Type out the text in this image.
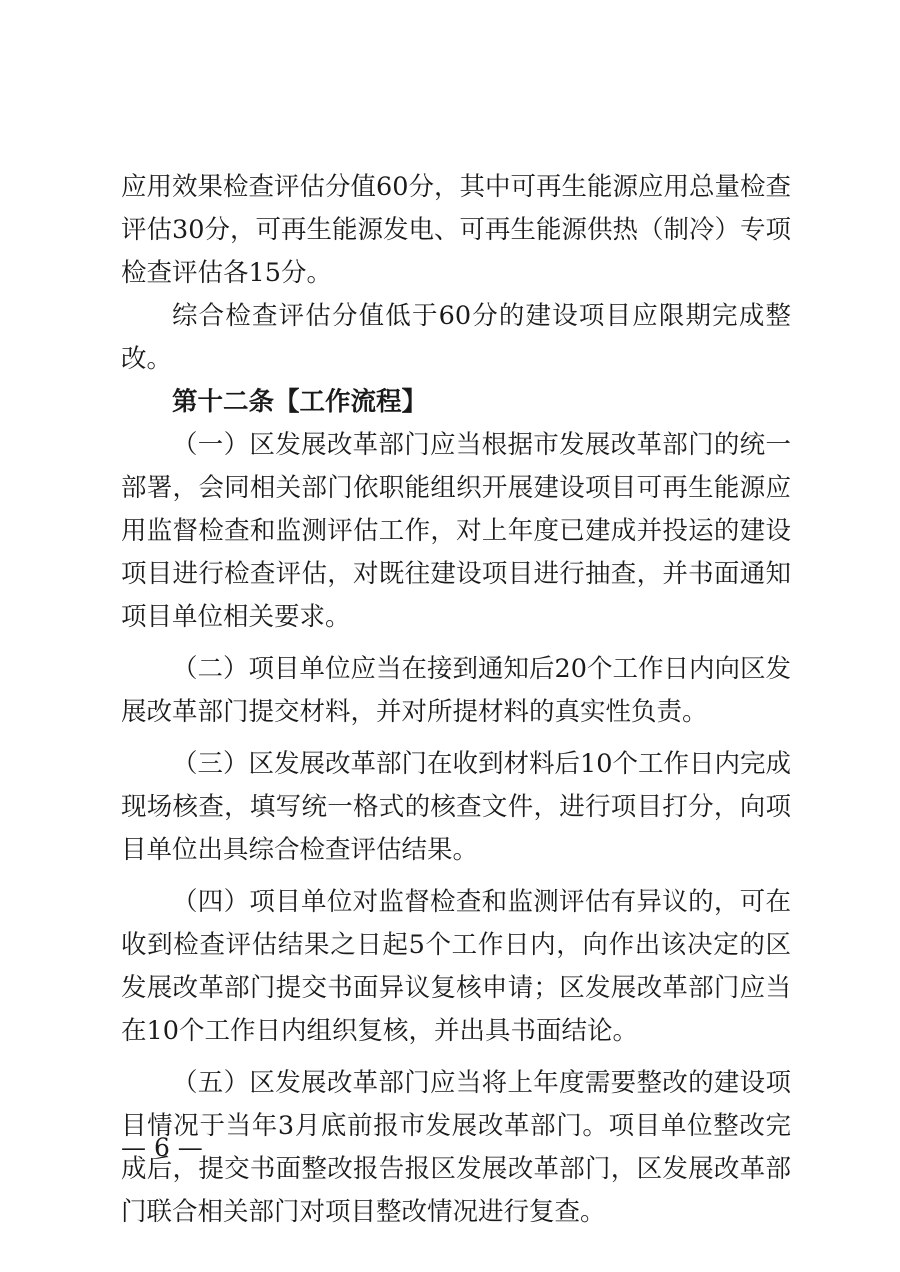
应用效果检查评估分值60分，其中可再生能源应用总量检查评估30分，可再生能源发电、可再生能源供热（制冷）专项检查评估各15分。

综合检查评估分值低于60分的建设项目应限期完成整改。

第十二条【工作流程】

（一）区发展改革部门应当根据市发展改革部门的统一部署，会同相关部门依职能组织开展建设项目可再生能源应用监督检查和监测评估工作，对上年度已建成并投运的建设项目进行检查评估，对既往建设项目进行抽查，并书面通知项目单位相关要求。

（二）项目单位应当在接到通知后20个工作日内向区发展改革部门提交材料，并对所提材料的真实性负责。

（三）区发展改革部门在收到材料后10个工作日内完成现场核查，填写统一格式的核查文件，进行项目打分，向项目单位出具综合检查评估结果。

（四）项目单位对监督检查和监测评估有异议的，可在收到检查评估结果之日起5个工作日内，向作出该决定的区发展改革部门提交书面异议复核申请；区发展改革部门应当在10个工作日内组织复核，并出具书面结论。

（五）区发展改革部门应当将上年度需要整改的建设项目情况于当年3月底前报市发展改革部门。项目单位整改完成后，提交书面整改报告报区发展改革部门，区发展改革部门联合相关部门对项目整改情况进行复查。

— 6 —
